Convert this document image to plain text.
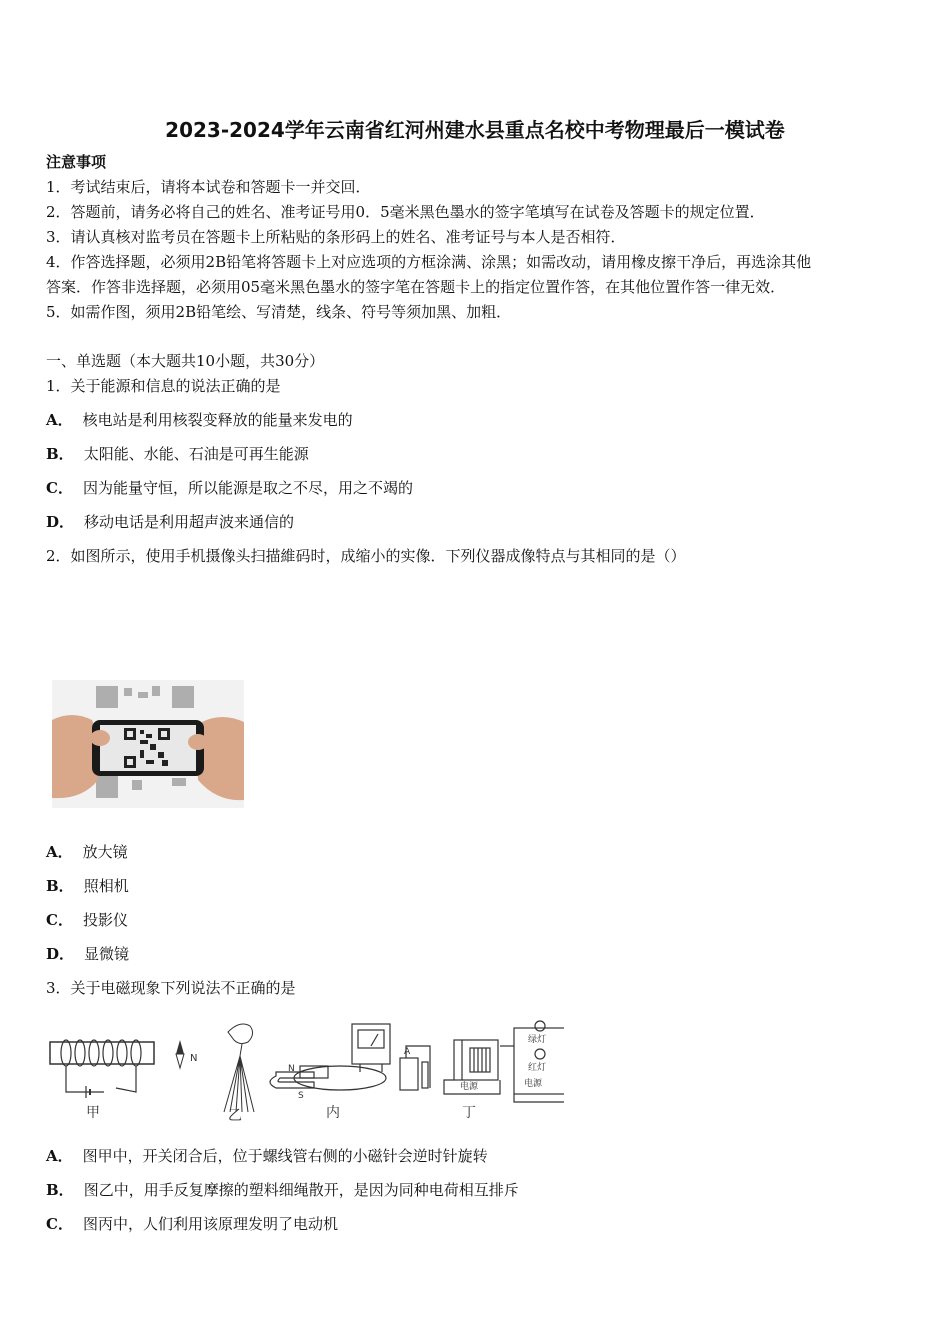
2023-2024学年云南省红河州建水县重点名校中考物理最后一模试卷
注意事项
1．考试结束后，请将本试卷和答题卡一并交回．
2．答题前，请务必将自己的姓名、准考证号用0．5毫米黑色墨水的签字笔填写在试卷及答题卡的规定位置．
3．请认真核对监考员在答题卡上所粘贴的条形码上的姓名、准考证号与本人是否相符．
4．作答选择题，必须用2B铅笔将答题卡上对应选项的方框涂满、涂黑；如需改动，请用橡皮擦干净后，再选涂其他
答案．作答非选择题，必须用05毫米黑色墨水的签字笔在答题卡上的指定位置作答，在其他位置作答一律无效．
5．如需作图，须用2B铅笔绘、写清楚，线条、符号等须加黑、加粗．
一、单选题（本大题共10小题，共30分）
1．关于能源和信息的说法正确的是
A． 核电站是利用核裂变释放的能量来发电的
B． 太阳能、水能、石油是可再生能源
C． 因为能量守恒，所以能源是取之不尽，用之不竭的
D． 移动电话是利用超声波来通信的
2．如图所示，使用手机摄像头扫描維码时，成缩小的实像．下列仪器成像特点与其相同的是（）
A． 放大镜
B． 照相机
C． 投影仪
D． 显微镜
3．关于电磁现象下列说法不正确的是
甲
N
乙
N
S
内
A
电源
丁
绿灯
红灯
电源
A． 图甲中，开关闭合后，位于螺线管右侧的小磁针会逆时针旋转
B． 图乙中，用手反复摩擦的塑料细绳散开，是因为同种电荷相互排斥
C． 图丙中，人们利用该原理发明了电动机
